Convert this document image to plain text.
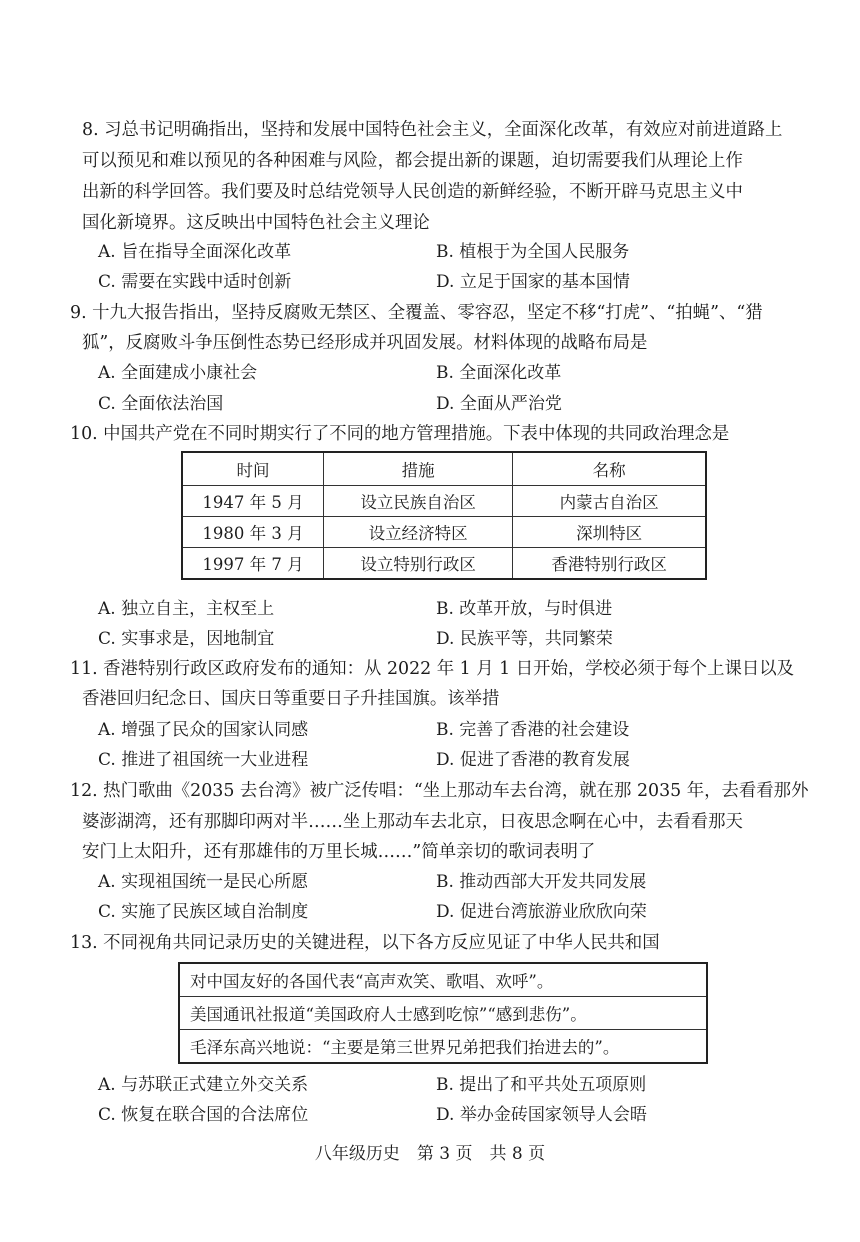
8. 习总书记明确指出，坚持和发展中国特色社会主义，全面深化改革，有效应对前进道路上
可以预见和难以预见的各种困难与风险，都会提出新的课题，迫切需要我们从理论上作
出新的科学回答。我们要及时总结党领导人民创造的新鲜经验，不断开辟马克思主义中
国化新境界。这反映出中国特色社会主义理论
A. 旨在指导全面深化改革	B. 植根于为全国人民服务
C. 需要在实践中适时创新	D. 立足于国家的基本国情
9. 十九大报告指出，坚持反腐败无禁区、全覆盖、零容忍，坚定不移“打虎”、“拍蝇”、“猎
狐”，反腐败斗争压倒性态势已经形成并巩固发展。材料体现的战略布局是
A. 全面建成小康社会	B. 全面深化改革
C. 全面依法治国	D. 全面从严治党
10. 中国共产党在不同时期实行了不同的地方管理措施。下表中体现的共同政治理念是
时间	措施	名称
1947 年 5 月	设立民族自治区	内蒙古自治区
1980 年 3 月	设立经济特区	深圳特区
1997 年 7 月	设立特别行政区	香港特别行政区
A. 独立自主，主权至上	B. 改革开放，与时俱进
C. 实事求是，因地制宜	D. 民族平等，共同繁荣
11. 香港特别行政区政府发布的通知：从 2022 年 1 月 1 日开始，学校必须于每个上课日以及
香港回归纪念日、国庆日等重要日子升挂国旗。该举措
A. 增强了民众的国家认同感	B. 完善了香港的社会建设
C. 推进了祖国统一大业进程	D. 促进了香港的教育发展
12. 热门歌曲《2035 去台湾》被广泛传唱：“坐上那动车去台湾，就在那 2035 年，去看看那外
婆澎湖湾，还有那脚印两对半……坐上那动车去北京，日夜思念啊在心中，去看看那天
安门上太阳升，还有那雄伟的万里长城……”简单亲切的歌词表明了
A. 实现祖国统一是民心所愿	B. 推动西部大开发共同发展
C. 实施了民族区域自治制度	D. 促进台湾旅游业欣欣向荣
13. 不同视角共同记录历史的关键进程，以下各方反应见证了中华人民共和国
对中国友好的各国代表“高声欢笑、歌唱、欢呼”。
美国通讯社报道“美国政府人士感到吃惊”“感到悲伤”。
毛泽东高兴地说：“主要是第三世界兄弟把我们抬进去的”。
A. 与苏联正式建立外交关系	B. 提出了和平共处五项原则
C. 恢复在联合国的合法席位	D. 举办金砖国家领导人会晤
八年级历史　第 3 页　共 8 页
